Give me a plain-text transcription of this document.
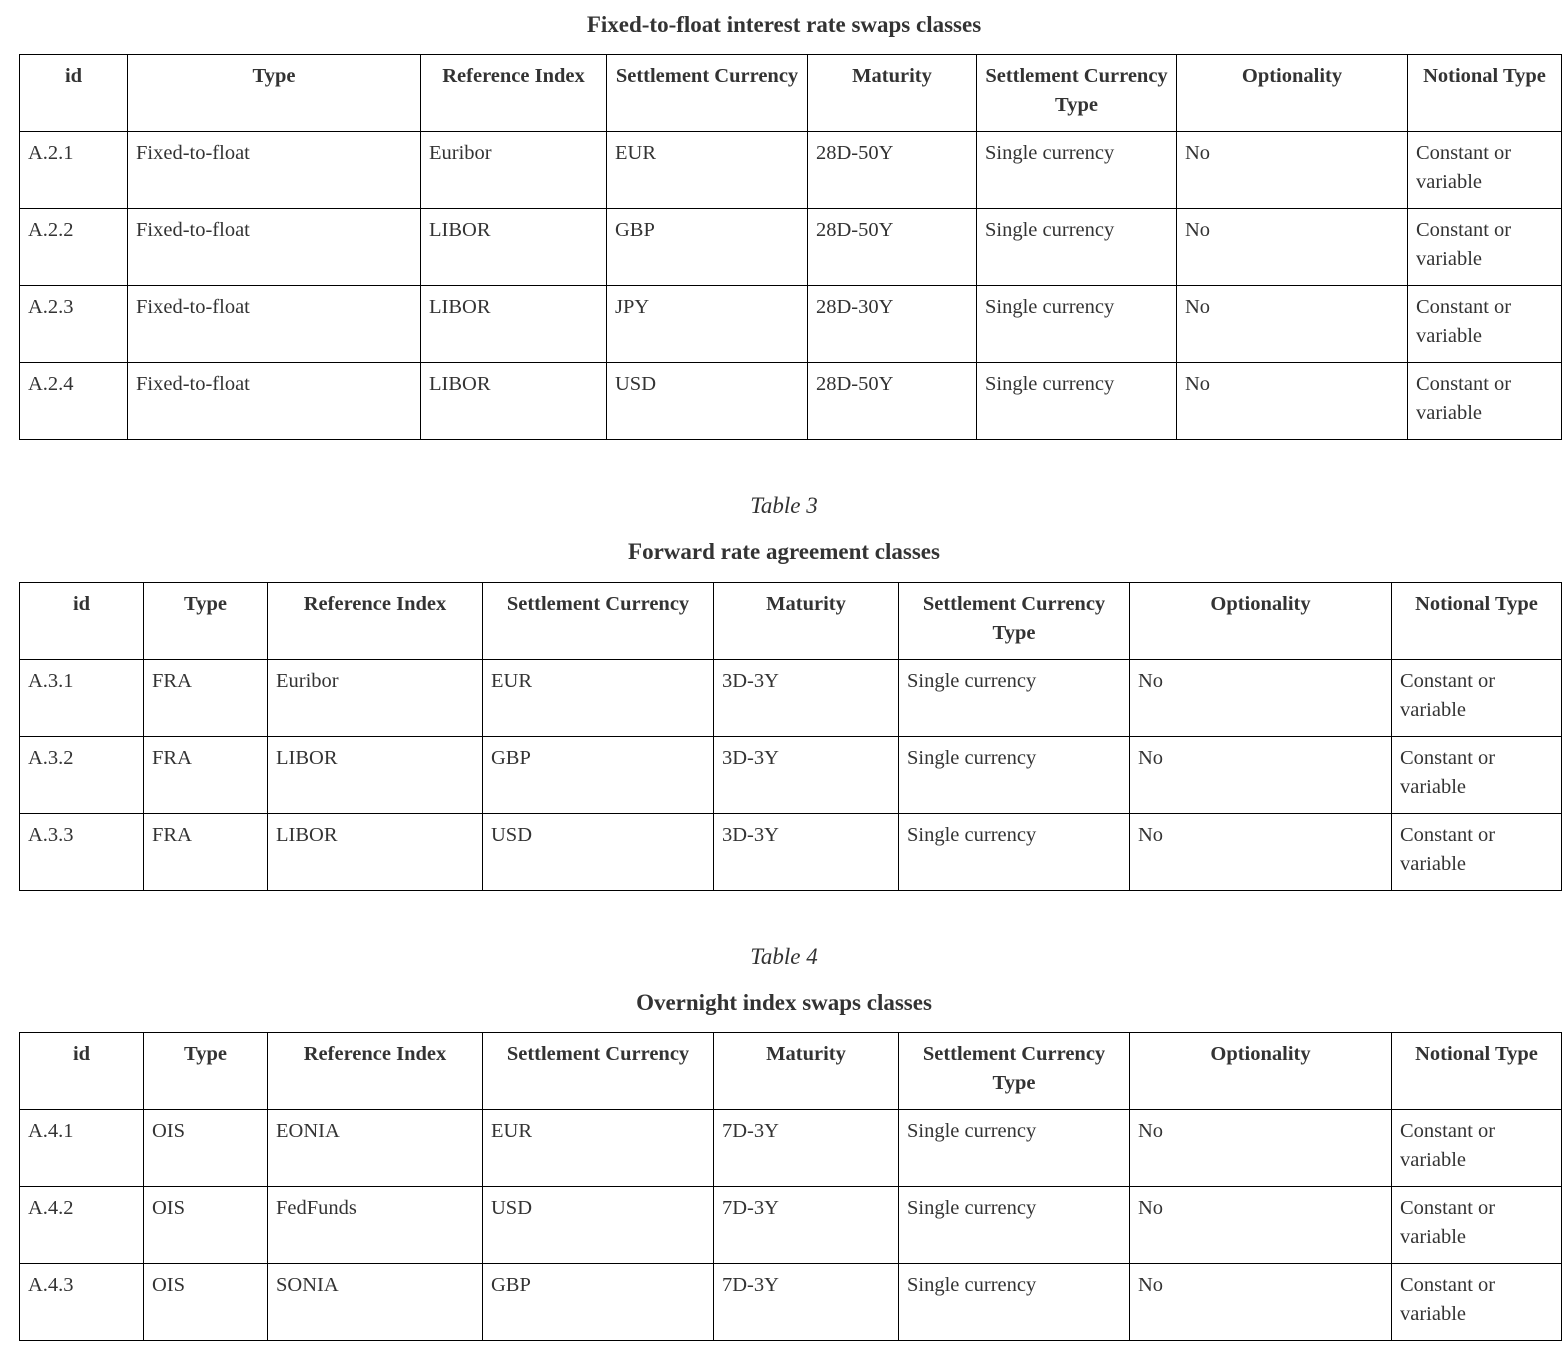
Fixed-to-float interest rate swaps classes
id	Type	Reference Index	Settlement Currency	Maturity	Settlement Currency Type	Optionality	Notional Type
A.2.1	Fixed-to-float	Euribor	EUR	28D-50Y	Single currency	No	Constant or variable
A.2.2	Fixed-to-float	LIBOR	GBP	28D-50Y	Single currency	No	Constant or variable
A.2.3	Fixed-to-float	LIBOR	JPY	28D-30Y	Single currency	No	Constant or variable
A.2.4	Fixed-to-float	LIBOR	USD	28D-50Y	Single currency	No	Constant or variable
Table 3
Forward rate agreement classes
id	Type	Reference Index	Settlement Currency	Maturity	Settlement Currency Type	Optionality	Notional Type
A.3.1	FRA	Euribor	EUR	3D-3Y	Single currency	No	Constant or variable
A.3.2	FRA	LIBOR	GBP	3D-3Y	Single currency	No	Constant or variable
A.3.3	FRA	LIBOR	USD	3D-3Y	Single currency	No	Constant or variable
Table 4
Overnight index swaps classes
id	Type	Reference Index	Settlement Currency	Maturity	Settlement Currency Type	Optionality	Notional Type
A.4.1	OIS	EONIA	EUR	7D-3Y	Single currency	No	Constant or variable
A.4.2	OIS	FedFunds	USD	7D-3Y	Single currency	No	Constant or variable
A.4.3	OIS	SONIA	GBP	7D-3Y	Single currency	No	Constant or variable
